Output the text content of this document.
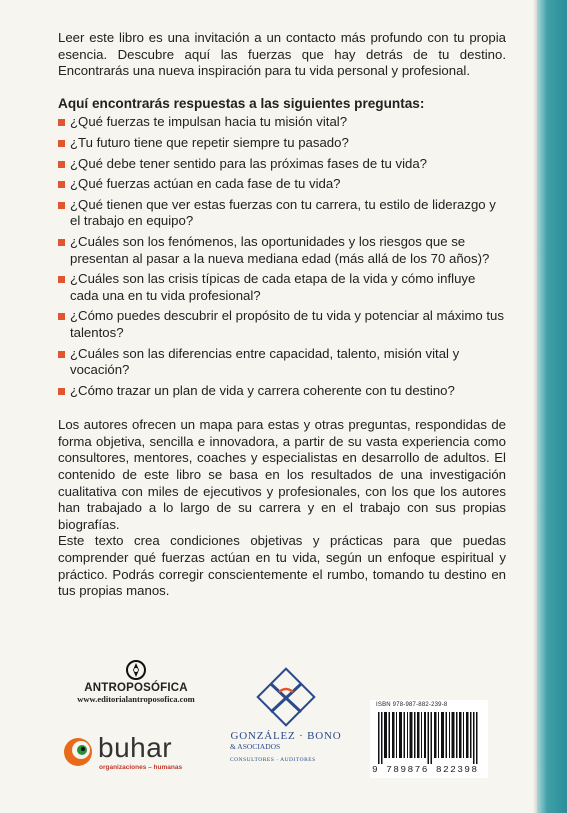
Leer este libro es una invitación a un contacto más profundo con tu propia esencia. Descubre aquí las fuerzas que hay detrás de tu destino. Encontrarás una nueva inspiración para tu vida personal y profesional.

Aquí encontrarás respuestas a las siguientes preguntas:

¿Qué fuerzas te impulsan hacia tu misión vital?
¿Tu futuro tiene que repetir siempre tu pasado?
¿Qué debe tener sentido para las próximas fases de tu vida?
¿Qué fuerzas actúan en cada fase de tu vida?
¿Qué tienen que ver estas fuerzas con tu carrera, tu estilo de liderazgo y el trabajo en equipo?
¿Cuáles son los fenómenos, las oportunidades y los riesgos que se presentan al pasar a la nueva mediana edad (más allá de los 70 años)?
¿Cuáles son las crisis típicas de cada etapa de la vida y cómo influye cada una en tu vida profesional?
¿Cómo puedes descubrir el propósito de tu vida y potenciar al máximo tus talentos?
¿Cuáles son las diferencias entre capacidad, talento, misión vital y vocación?
¿Cómo trazar un plan de vida y carrera coherente con tu destino?

Los autores ofrecen un mapa para estas y otras preguntas, respondidas de forma objetiva, sencilla e innovadora, a partir de su vasta experiencia como consultores, mentores, coaches y especialistas en desarrollo de adultos. El contenido de este libro se basa en los resultados de una investigación cualitativa con miles de ejecutivos y profesionales, con los que los autores han trabajado a lo largo de su carrera y en el trabajo con sus propias biografías.

Este texto crea condiciones objetivas y prácticas para que puedas comprender qué fuerzas actúan en tu vida, según un enfoque espiritual y práctico. Podrás corregir conscientemente el rumbo, tomando tu destino en tus propias manos.

ANTROPOSÓFICA
www.editorialantroposofica.com
buhar
organizaciones – humanas
GONZÁLEZ · BONO
& ASOCIADOS
CONSULTORES · AUDITORES
ISBN 978-987-882-239-8
9 789876 822398
